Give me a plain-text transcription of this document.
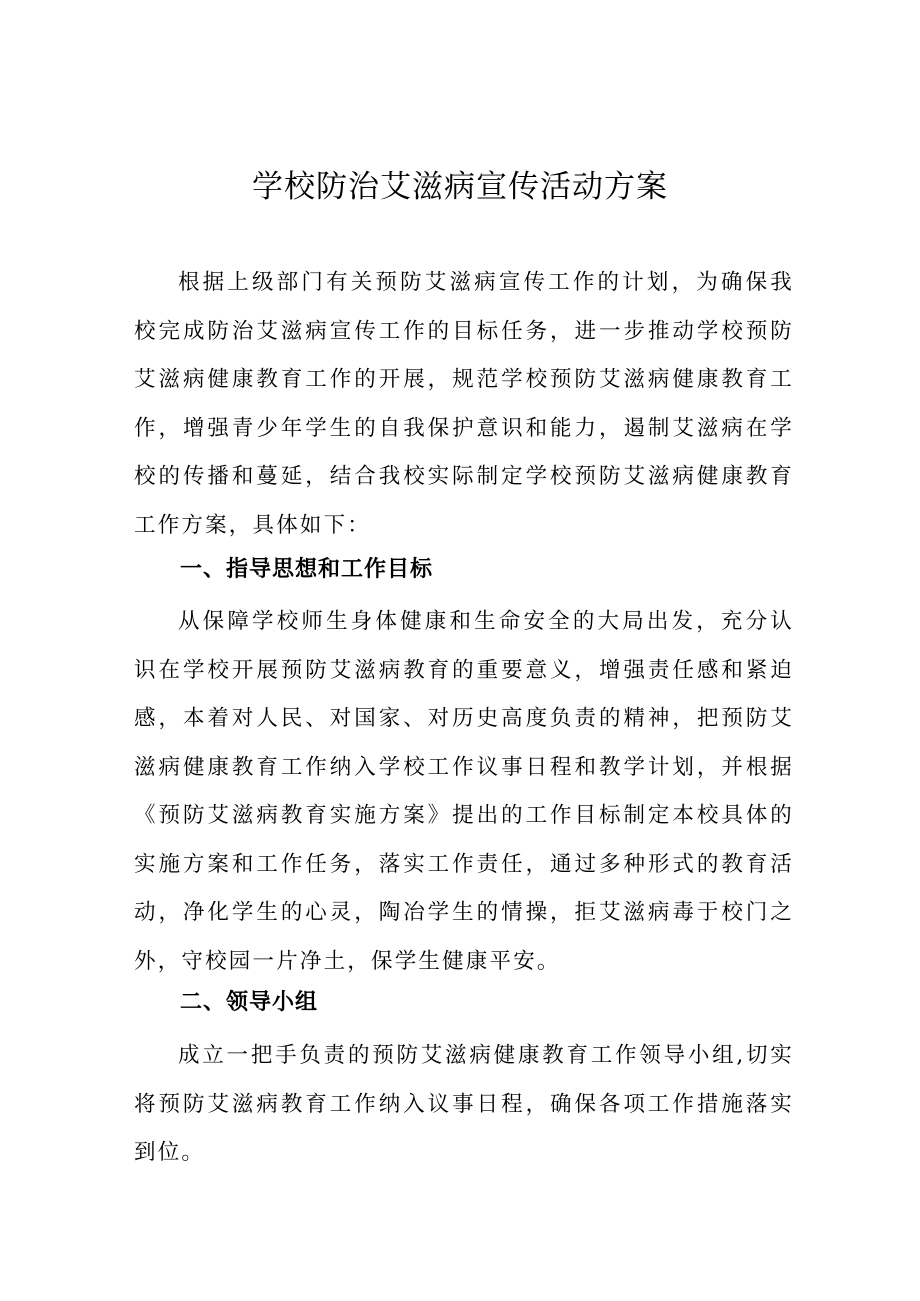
学校防治艾滋病宣传活动方案

根据上级部门有关预防艾滋病宣传工作的计划，为确保我校完成防治艾滋病宣传工作的目标任务，进一步推动学校预防艾滋病健康教育工作的开展，规范学校预防艾滋病健康教育工作，增强青少年学生的自我保护意识和能力，遏制艾滋病在学校的传播和蔓延，结合我校实际制定学校预防艾滋病健康教育工作方案，具体如下：

一、指导思想和工作目标

从保障学校师生身体健康和生命安全的大局出发，充分认识在学校开展预防艾滋病教育的重要意义，增强责任感和紧迫感，本着对人民、对国家、对历史高度负责的精神，把预防艾滋病健康教育工作纳入学校工作议事日程和教学计划，并根据《预防艾滋病教育实施方案》提出的工作目标制定本校具体的实施方案和工作任务，落实工作责任，通过多种形式的教育活动，净化学生的心灵，陶冶学生的情操，拒艾滋病毒于校门之外，守校园一片净土，保学生健康平安。

二、领导小组

成立一把手负责的预防艾滋病健康教育工作领导小组,切实将预防艾滋病教育工作纳入议事日程，确保各项工作措施落实到位。
